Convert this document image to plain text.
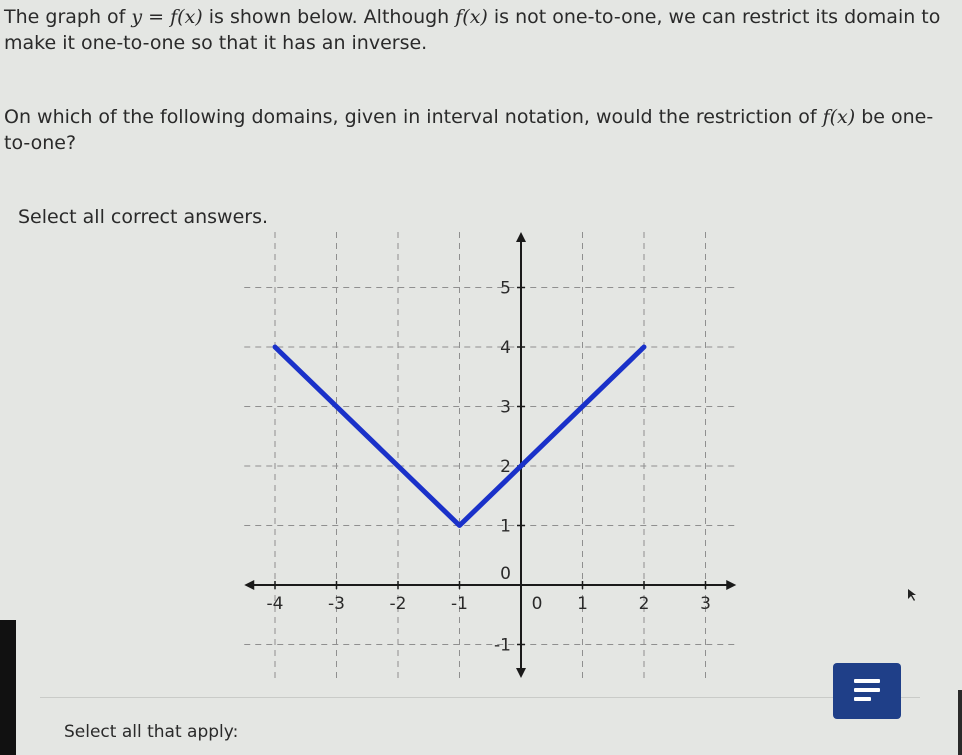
The graph of y = f(x) is shown below. Although f(x) is not one-to-one, we can restrict its domain to make it one-to-one so that it has an inverse.

On which of the following domains, given in interval notation, would the restriction of f(x) be one-to-one?

Select all correct answers.

-4	-3	-2	-1	0 1	2	3
-1
0
1
2
3
4
5
Select all that apply:
